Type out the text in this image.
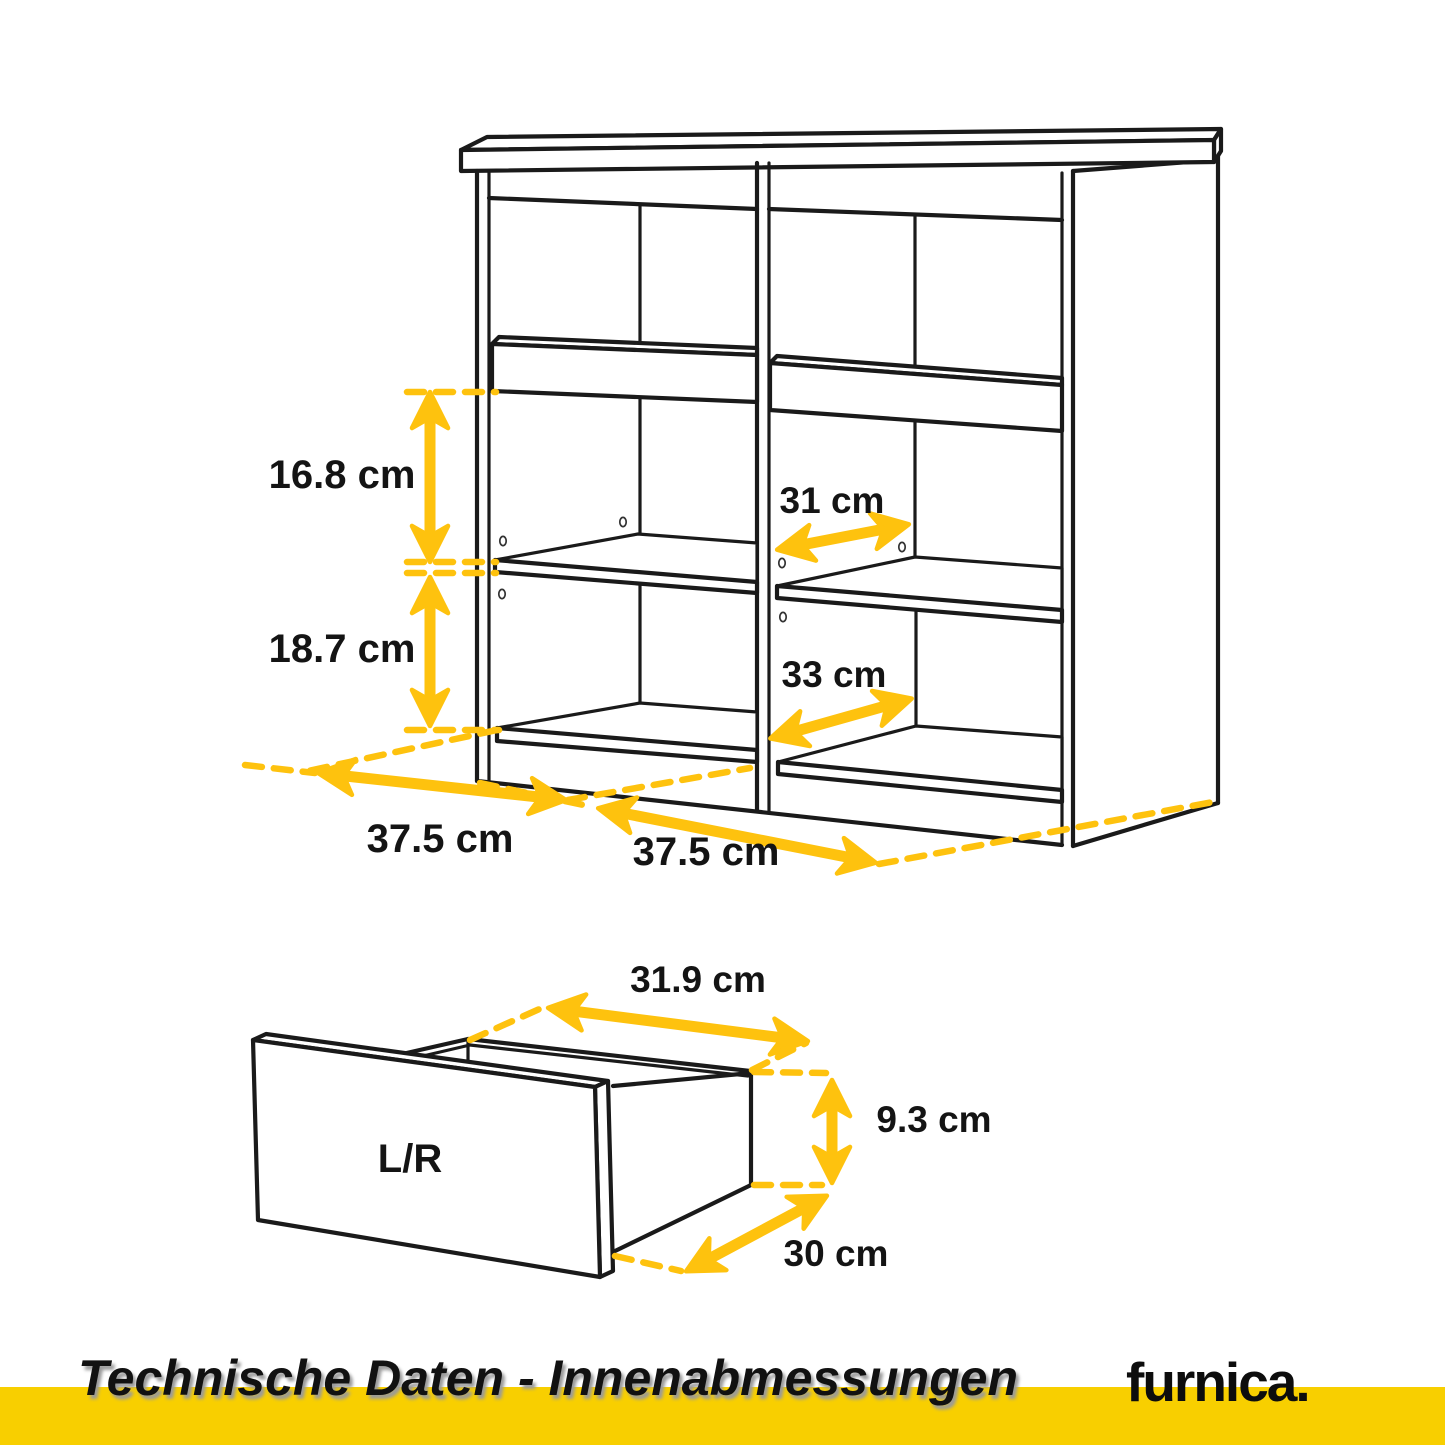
16.8 cm
18.7 cm
31 cm
33 cm
37.5 cm	37.5 cm
31.9 cm
9.3 cm
30 cm
L/R
Technische Daten - Innenabmessungen furnica.
